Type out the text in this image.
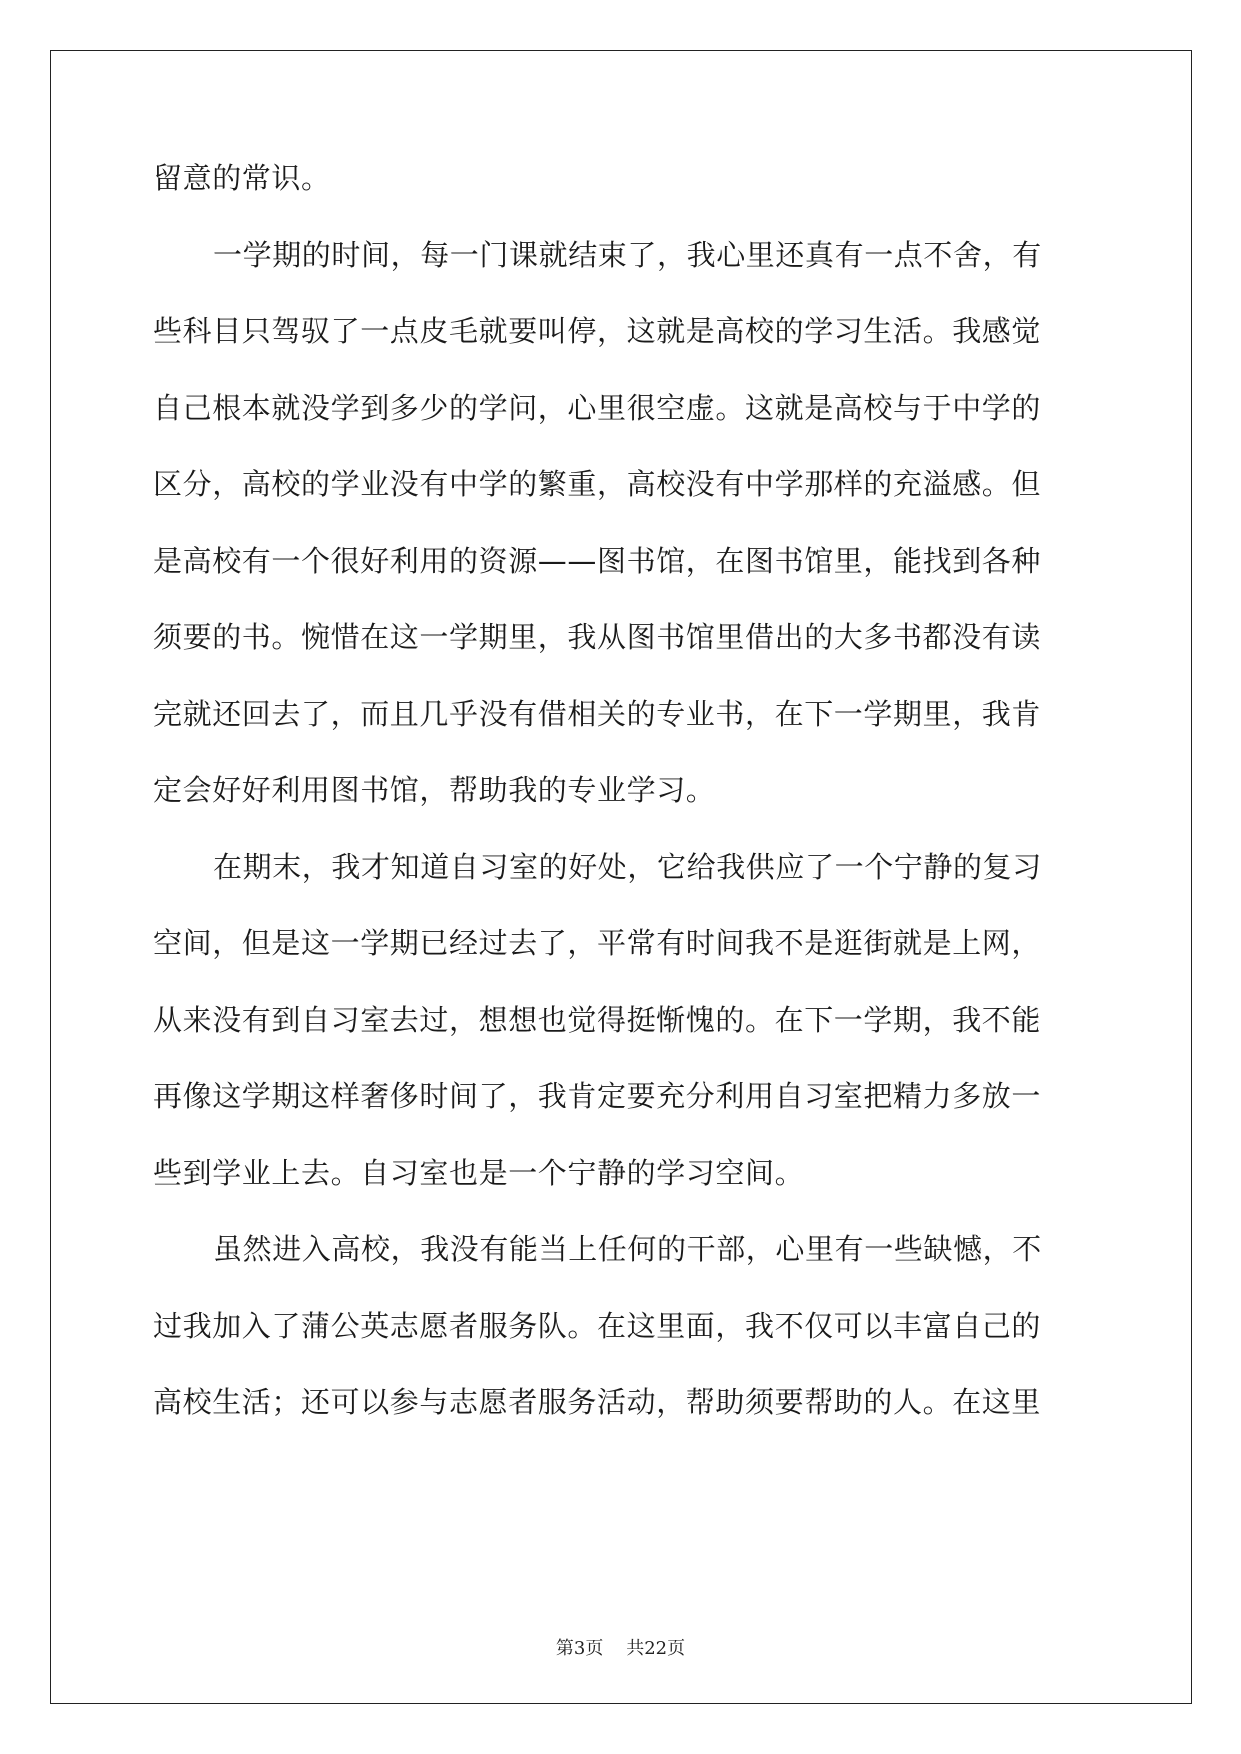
留意的常识。
一学期的时间，每一门课就结束了，我心里还真有一点不舍，有
些科目只驾驭了一点皮毛就要叫停，这就是高校的学习生活。我感觉
自己根本就没学到多少的学问，心里很空虚。这就是高校与于中学的
区分，高校的学业没有中学的繁重，高校没有中学那样的充溢感。但
是高校有一个很好利用的资源——图书馆，在图书馆里，能找到各种
须要的书。惋惜在这一学期里，我从图书馆里借出的大多书都没有读
完就还回去了，而且几乎没有借相关的专业书，在下一学期里，我肯
定会好好利用图书馆，帮助我的专业学习。
在期末，我才知道自习室的好处，它给我供应了一个宁静的复习
空间，但是这一学期已经过去了，平常有时间我不是逛街就是上网，
从来没有到自习室去过，想想也觉得挺惭愧的。在下一学期，我不能
再像这学期这样奢侈时间了，我肯定要充分利用自习室把精力多放一
些到学业上去。自习室也是一个宁静的学习空间。
虽然进入高校，我没有能当上任何的干部，心里有一些缺憾，不
过我加入了蒲公英志愿者服务队。在这里面，我不仅可以丰富自己的
高校生活；还可以参与志愿者服务活动，帮助须要帮助的人。在这里
第3页 共22页
